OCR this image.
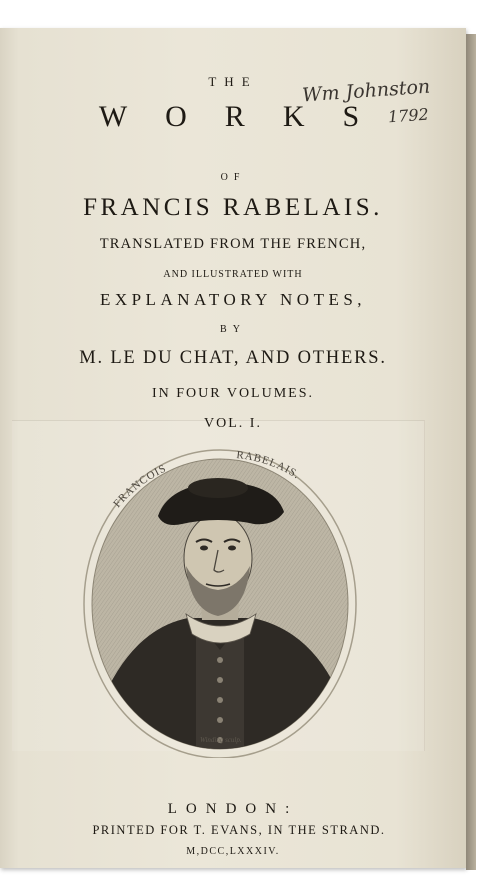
THE
WORKS
OF
FRANCIS RABELAIS.
TRANSLATED FROM THE FRENCH,
AND ILLUSTRATED WITH
EXPLANATORY NOTES,
BY
M. LE DU CHAT, AND OTHERS.
IN FOUR VOLUMES.
VOL. I.
Wm Johnston
1792
FRANCOIS
RABELAIS.
Winding sculp.
LONDON:
PRINTED FOR T. EVANS, IN THE STRAND.
M,DCC,LXXXIV.
